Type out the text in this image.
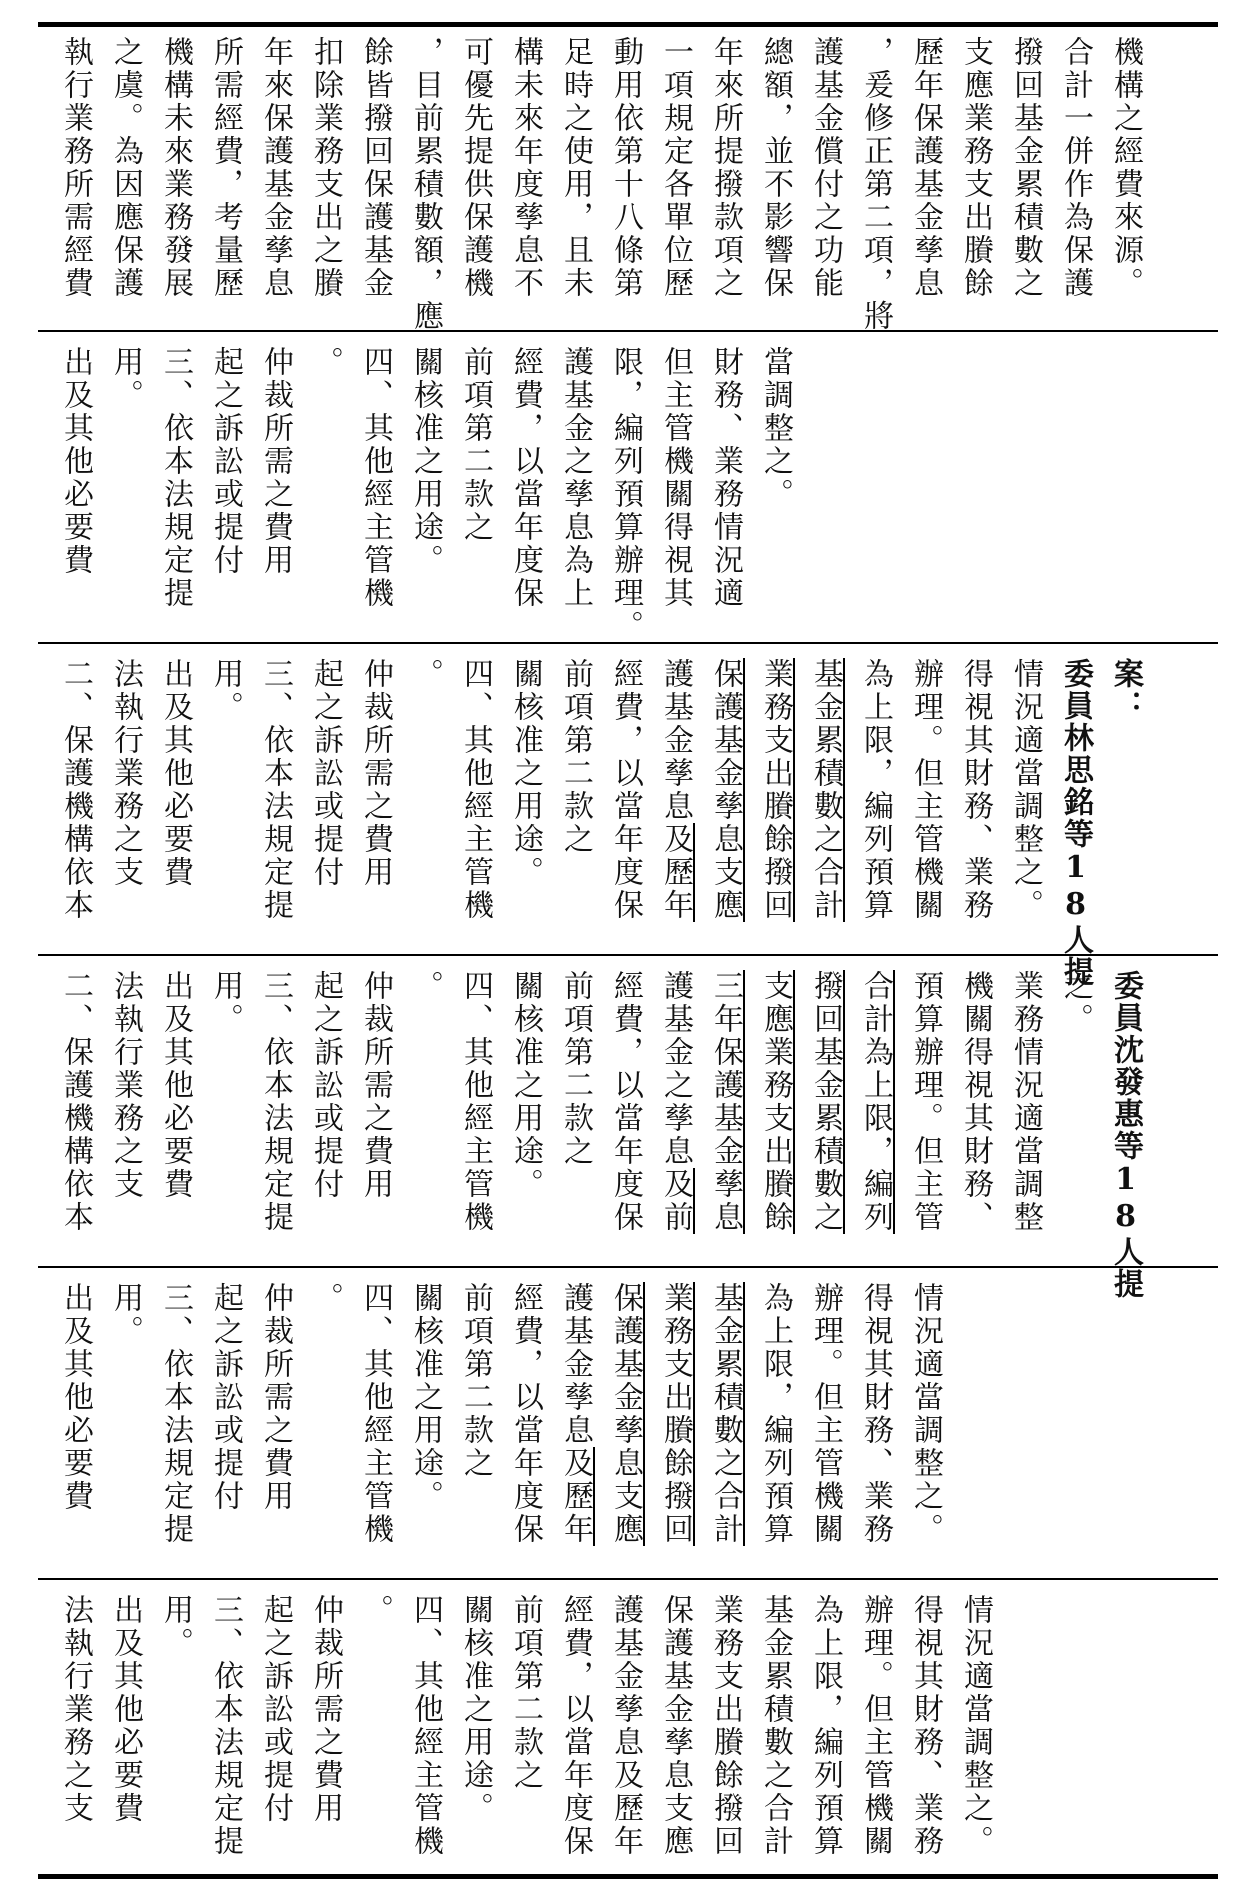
執行業務所需經費 之虞。為因應保護 機構未來業務發展 所需經費，考量歷 年來保護基金孳息 扣除業務支出之賸 餘皆撥回保護基金 ，目前累積數額，應 可優先提供保護機 構未來年度孳息不 足時之使用，且未 動用依第十八條第 一項規定各單位歷 年來所提撥款項之 總額，並不影響保 護基金償付之功能 ，爰修正第二項，將 歷年保護基金孳息 支應業務支出賸餘 撥回基金累積數之 合計一併作為保護 機構之經費來源。
出及其他必要費 用。 三、依本法規定提 起之訴訟或提付 仲裁所需之費用 。 四、其他經主管機 關核准之用途。 前項第二款之 經費，以當年度保 護基金之孳息為上 限，編列預算辦理。 但主管機關得視其 財務、業務情況適 當調整之。
二、保護機構依本 法執行業務之支 出及其他必要費 用。 三、依本法規定提 起之訴訟或提付 仲裁所需之費用 。 四、其他經主管機 關核准之用途。 前項第二款之 經費，以當年度保 護基金孳息及歷年 保護基金孳息支應 業務支出賸餘撥回 基金累積數之合計 為上限，編列預算 辦理。但主管機關 得視其財務、業務 情況適當調整之。 委員林思銘等18人提 案：
二、保護機構依本 法執行業務之支 出及其他必要費 用。 三、依本法規定提 起之訴訟或提付 仲裁所需之費用 。 四、其他經主管機 關核准之用途。 前項第二款之 經費，以當年度保 護基金之孳息及前 三年保護基金孳息 支應業務支出賸餘 撥回基金累積數之 合計為上限，編列 預算辦理。但主管 機關得視其財務、 業務情況適當調整 之。 委員沈發惠等18人提
出及其他必要費 用。 三、依本法規定提 起之訴訟或提付 仲裁所需之費用 。 四、其他經主管機 關核准之用途。 前項第二款之 經費，以當年度保 護基金孳息及歷年 保護基金孳息支應 業務支出賸餘撥回 基金累積數之合計 為上限，編列預算 辦理。但主管機關 得視其財務、業務 情況適當調整之。
法執行業務之支 出及其他必要費 用。 三、依本法規定提 起之訴訟或提付 仲裁所需之費用 。 四、其他經主管機 關核准之用途。 前項第二款之 經費，以當年度保 護基金孳息及歷年 保護基金孳息支應 業務支出賸餘撥回 基金累積數之合計 為上限，編列預算 辦理。但主管機關 得視其財務、業務 情況適當調整之。
